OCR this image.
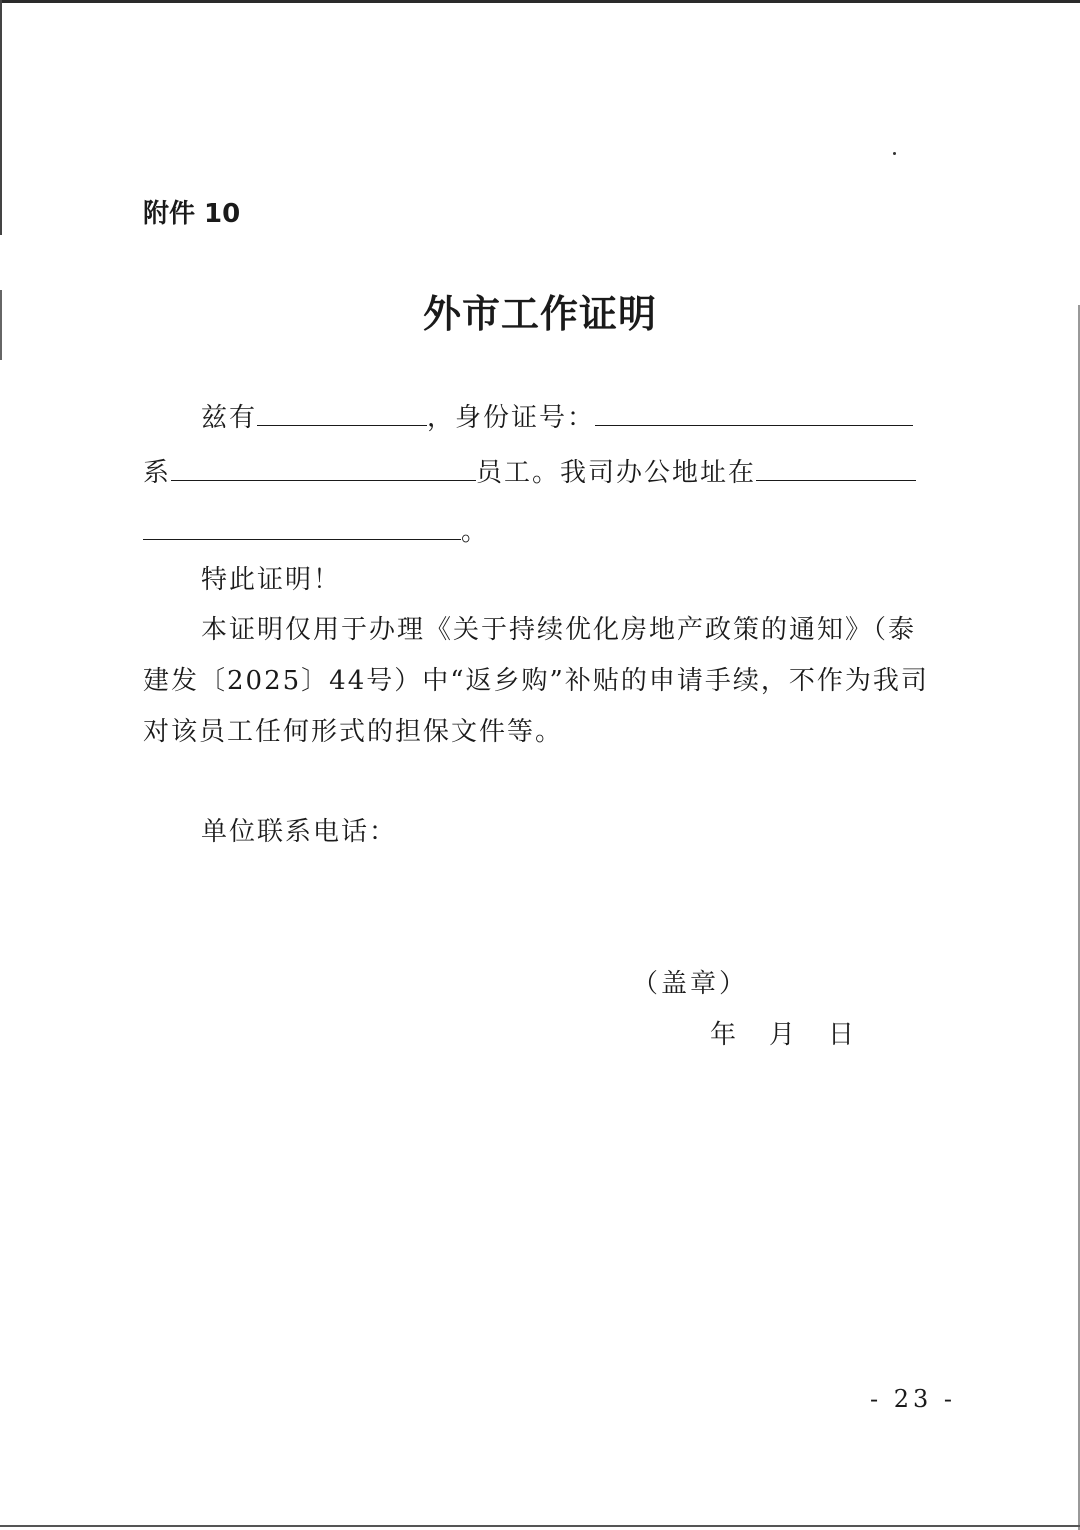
附件 10
外市工作证明
兹有	，身份证号：
系	员工。我司办公地址在
。
特此证明！
本证明仅用于办理《关于持续优化房地产政策的通知》（泰
建发〔2025〕44号）中“返乡购”补贴的申请手续，不作为我司
对该员工任何形式的担保文件等。
单位联系电话：
（盖章）
年 月 日
- 23 -
